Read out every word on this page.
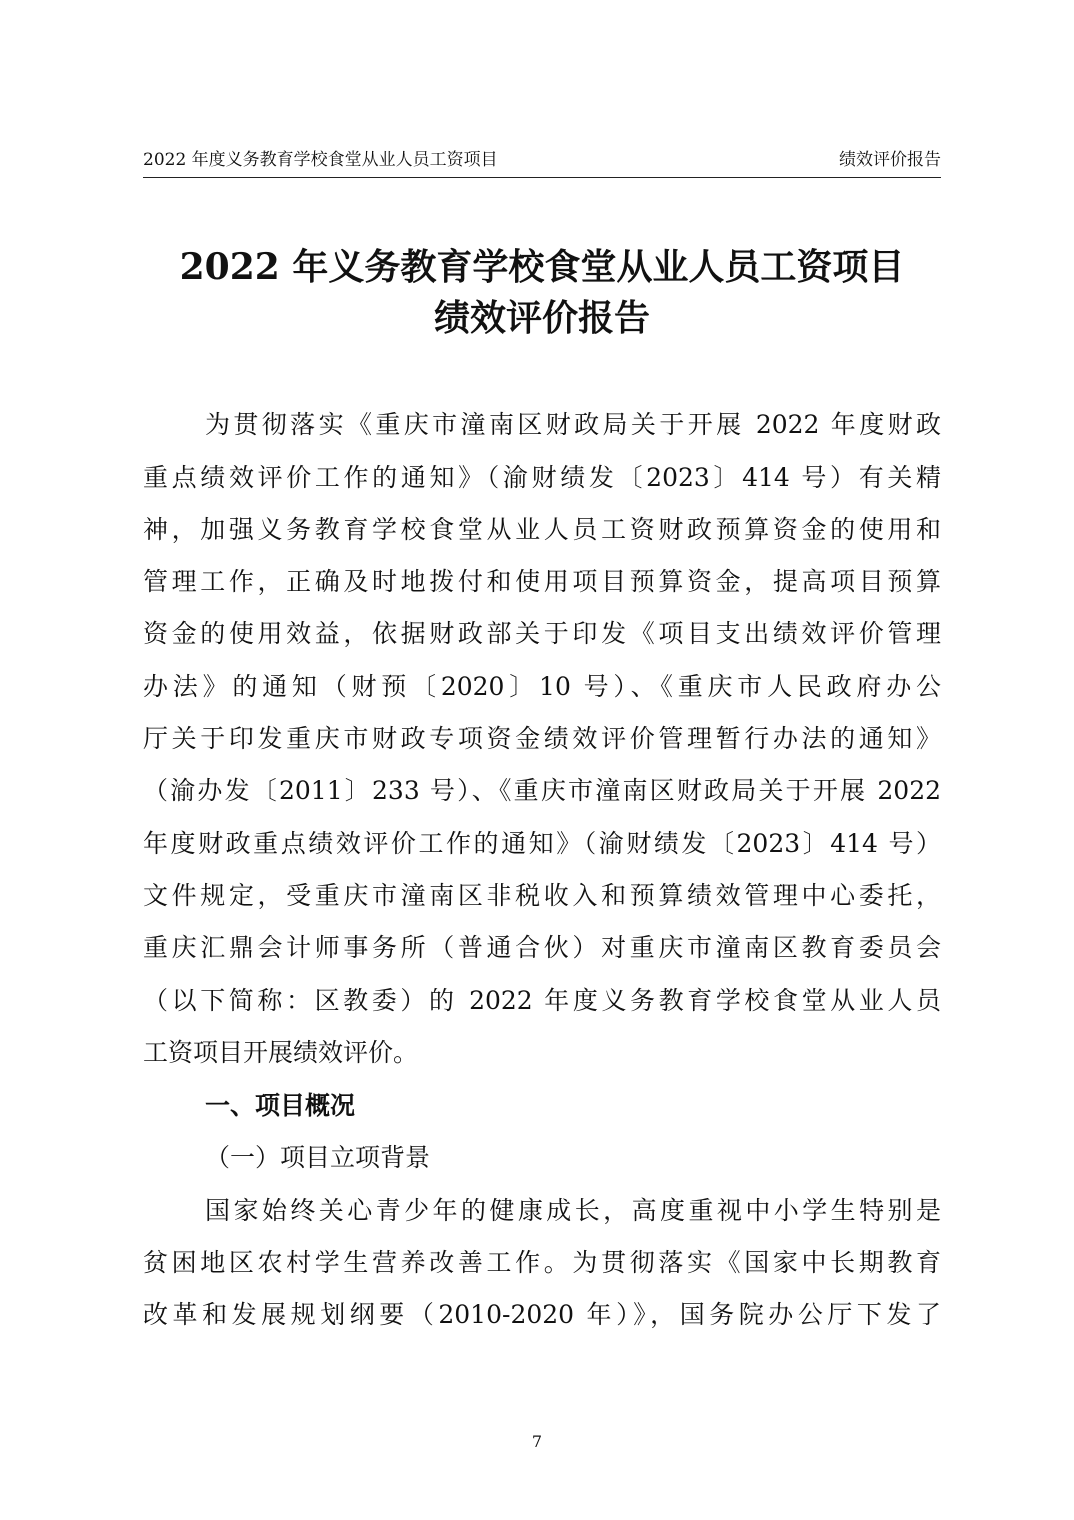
2022 年度义务教育学校食堂从业人员工资项目	绩效评价报告
2022 年义务教育学校食堂从业人员工资项目
绩效评价报告
为贯彻落实《重庆市潼南区财政局关于开展 2022 年度财政
重点绩效评价工作的通知》（渝财绩发〔2023〕414 号）有关精
神，加强义务教育学校食堂从业人员工资财政预算资金的使用和
管理工作，正确及时地拨付和使用项目预算资金，提高项目预算
资金的使用效益，依据财政部关于印发《项目支出绩效评价管理
办法》的通知（财预〔2020〕10 号）、《重庆市人民政府办公
厅关于印发重庆市财政专项资金绩效评价管理暂行办法的通知》
（渝办发〔2011〕233 号）、《重庆市潼南区财政局关于开展 2022
年度财政重点绩效评价工作的通知》（渝财绩发〔2023〕414 号）
文件规定，受重庆市潼南区非税收入和预算绩效管理中心委托，
重庆汇鼎会计师事务所（普通合伙）对重庆市潼南区教育委员会
（以下简称：区教委）的 2022 年度义务教育学校食堂从业人员
工资项目开展绩效评价。
一、项目概况
（一）项目立项背景
国家始终关心青少年的健康成长，高度重视中小学生特别是
贫困地区农村学生营养改善工作。为贯彻落实《国家中长期教育
改革和发展规划纲要（2010-2020 年）》，国务院办公厅下发了
7
